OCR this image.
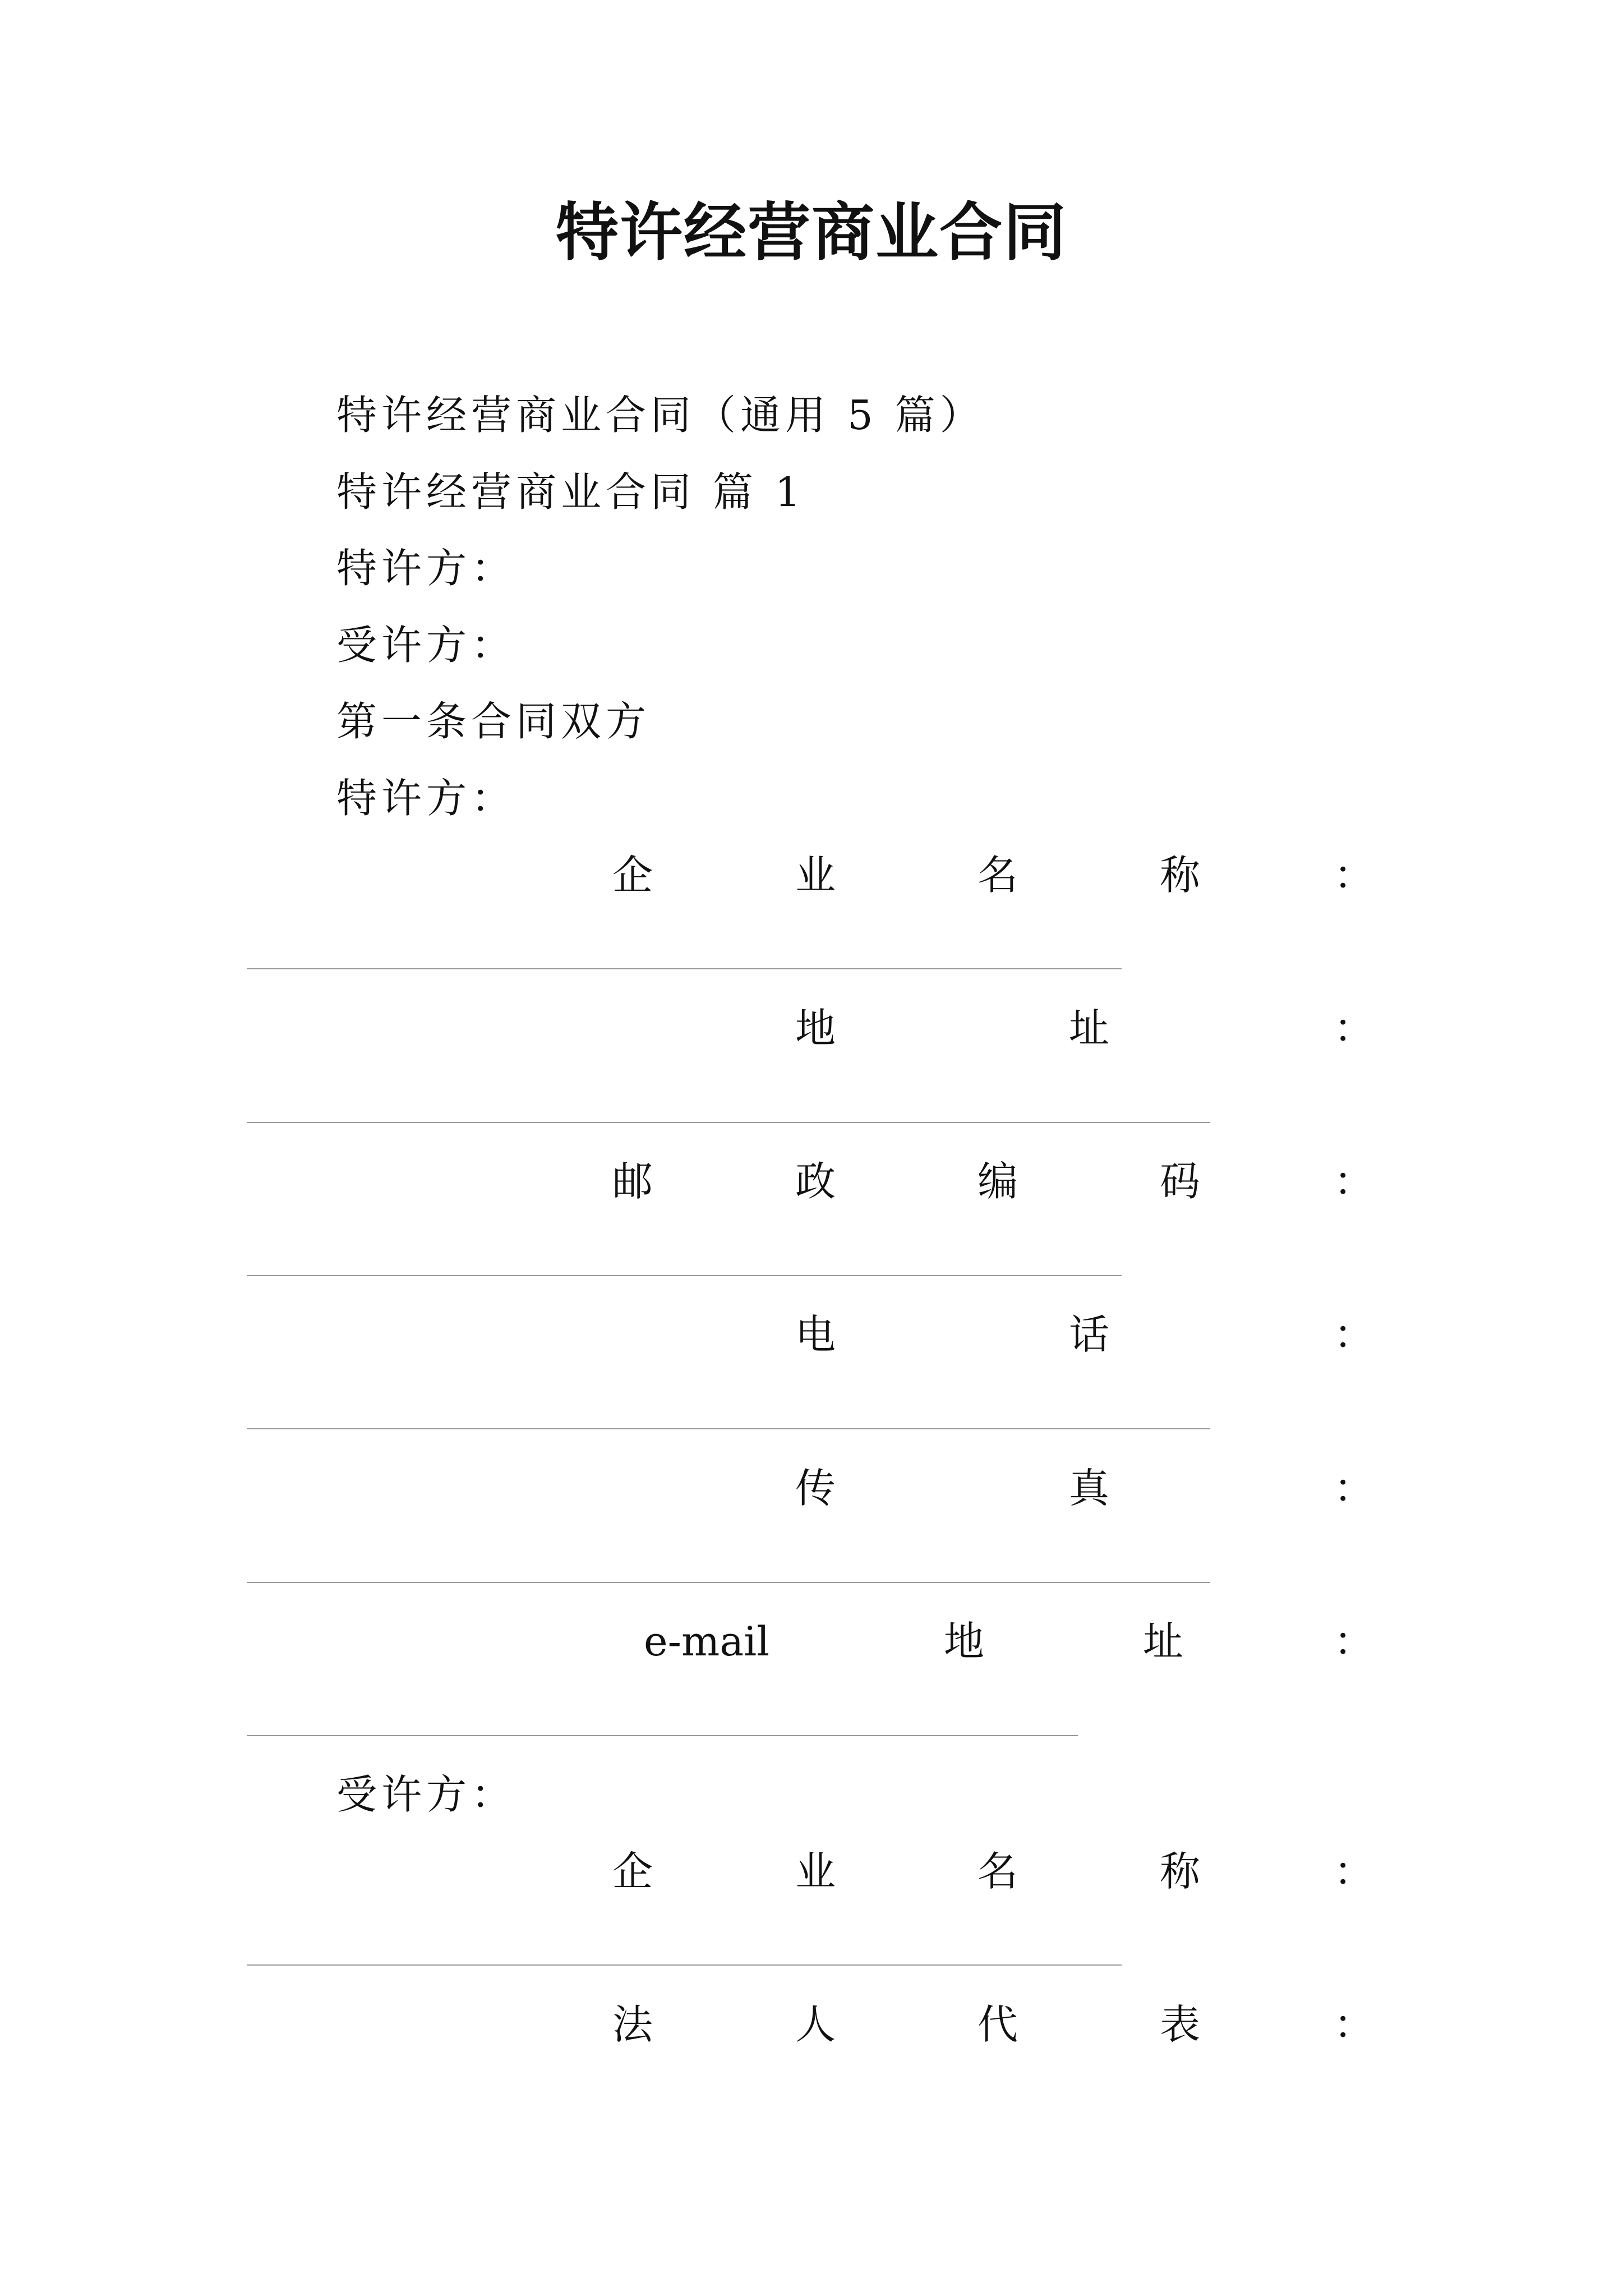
特许经营商业合同
特许经营商业合同（通用 5 篇）
特许经营商业合同 篇 1
特许方：
受许方：
第一条合同双方
特许方：
企	业	名	称	：
地	址	：
邮	政	编	码	：
电	话	：
传	真	：
e-mail	地	址	：
受许方：
企	业	名	称	：
法	人	代	表	：
